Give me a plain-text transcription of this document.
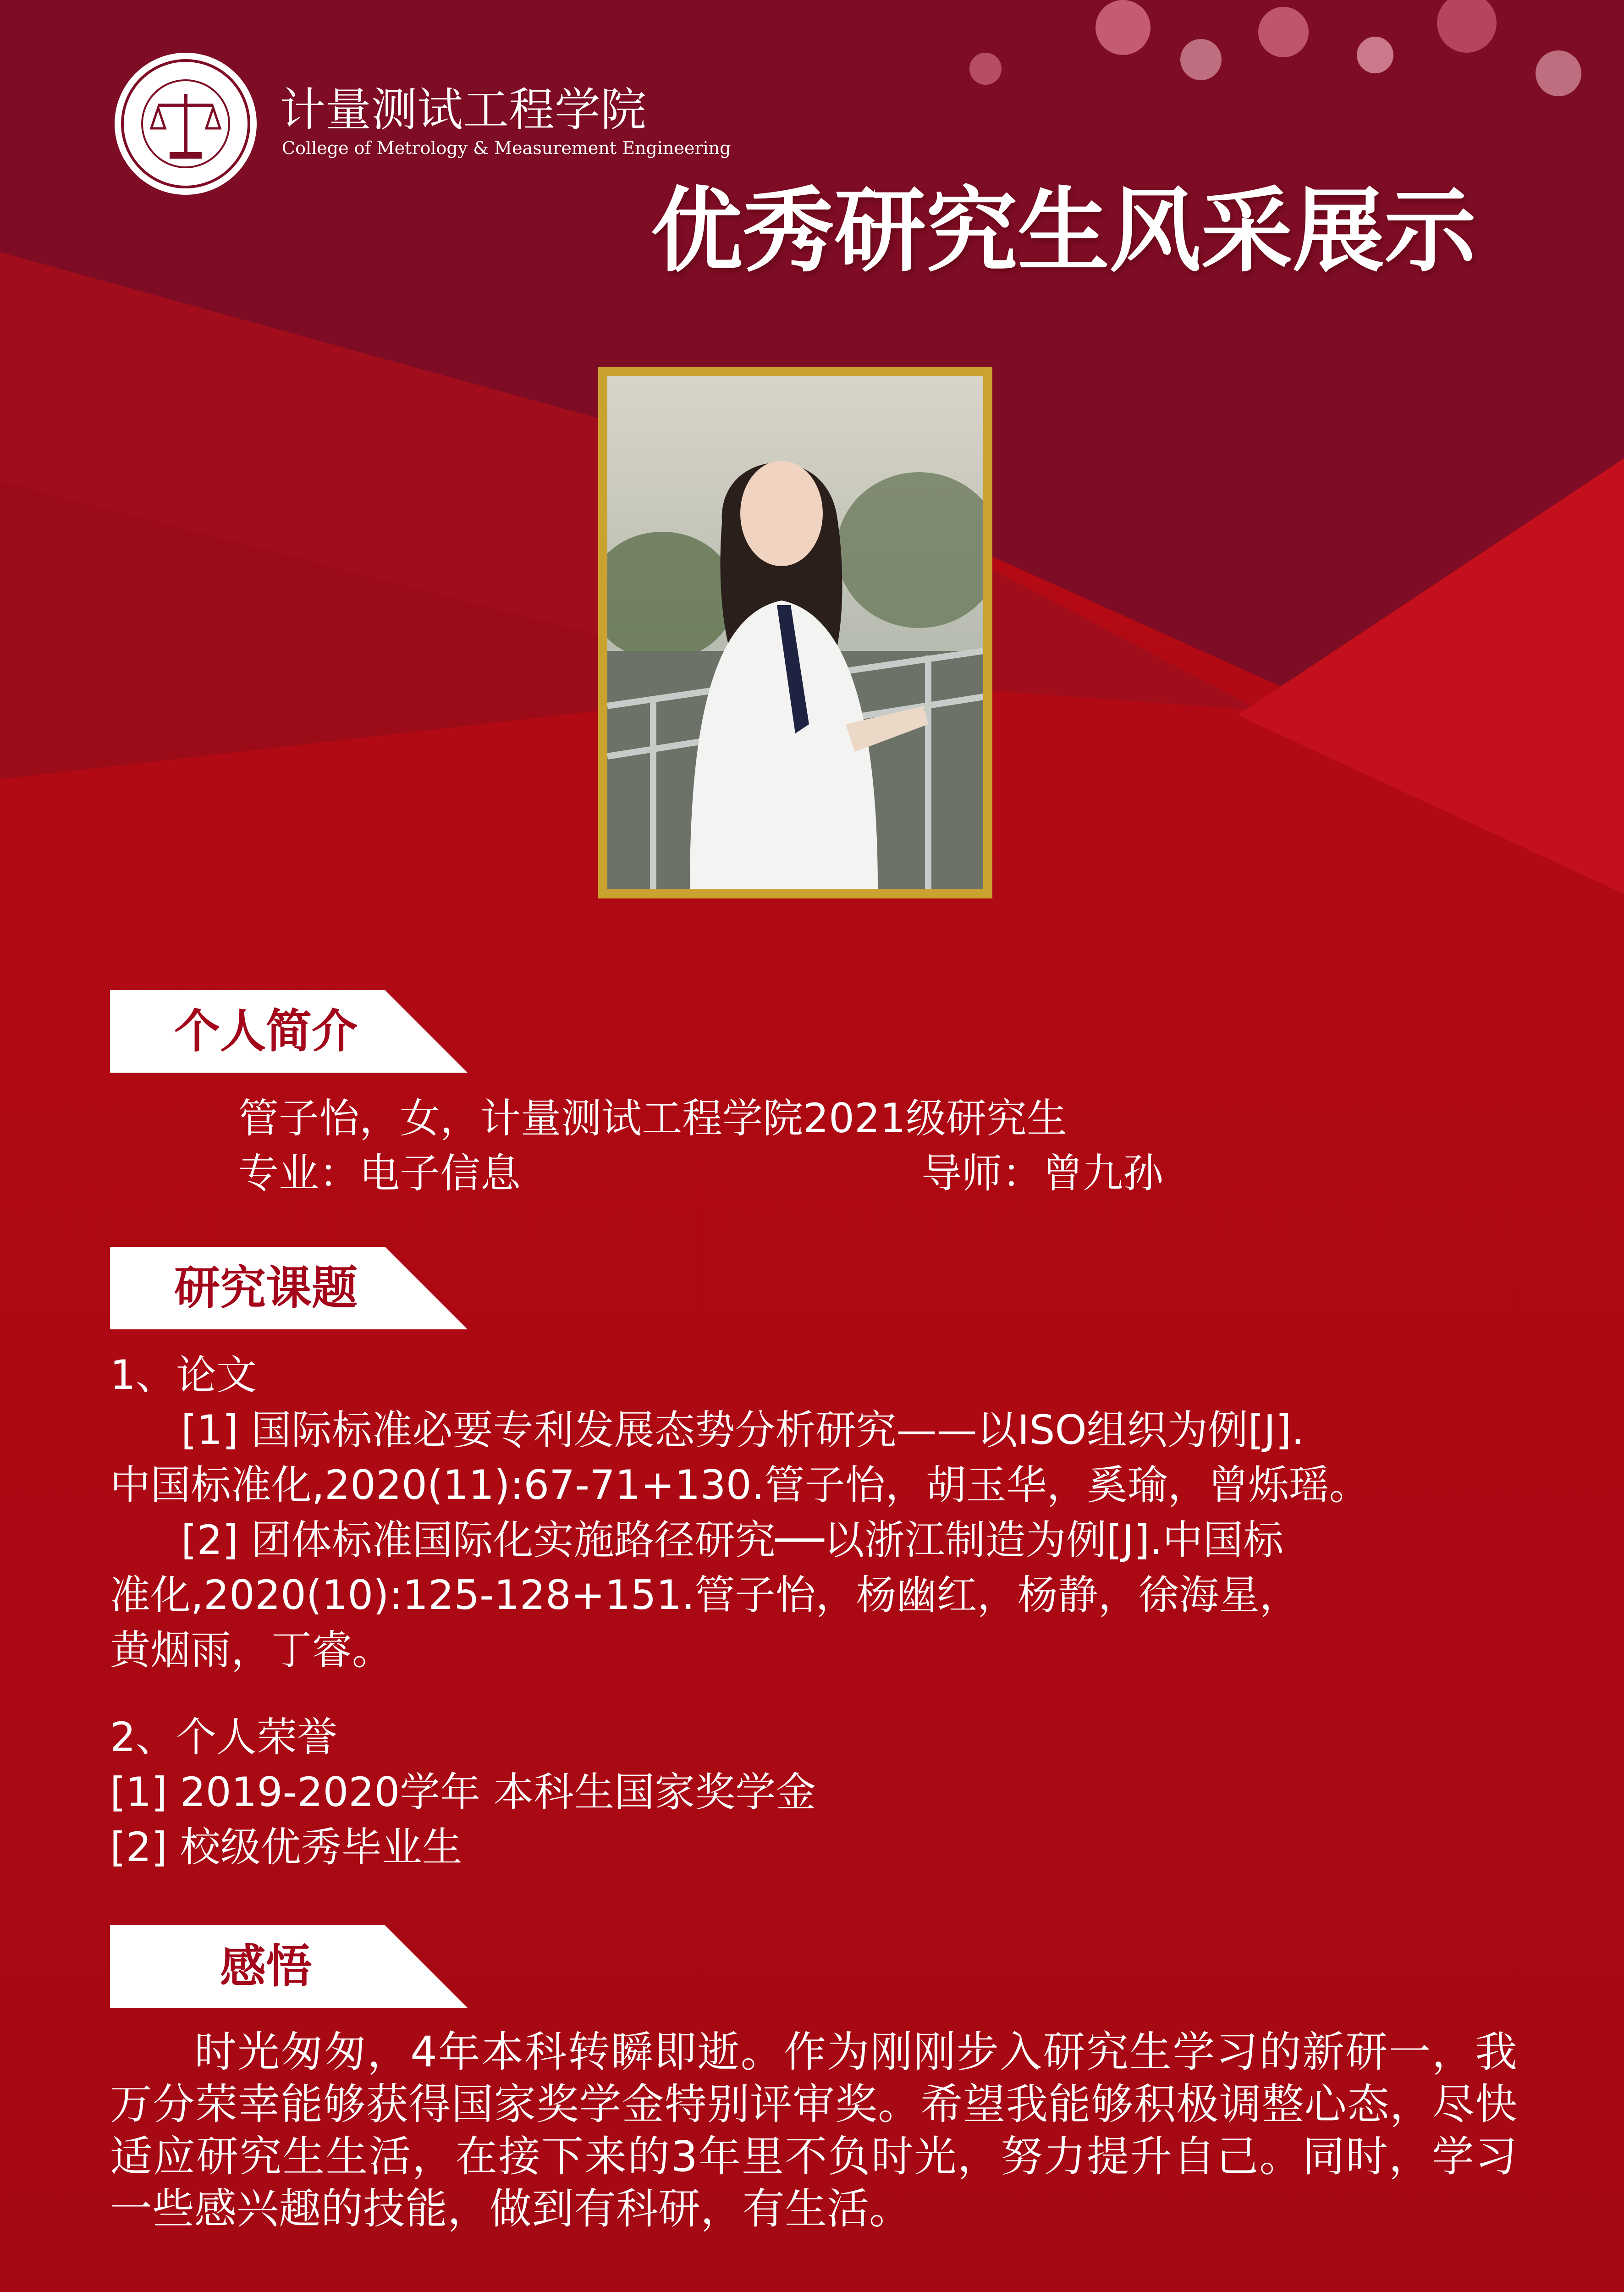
计量测试工程学院

College of Metrology & Measurement Engineering

优秀研究生风采展示
个人简介

管子怡，女，计量测试工程学院2021级研究生

专业：电子信息	导师：曾九孙

研究课题

1、论文

[1] 国际标准必要专利发展态势分析研究——以ISO组织为例[J].

中国标准化,2020(11):67-71+130.管子怡，胡玉华，奚瑜，曾烁瑶。

[2] 团体标准国际化实施路径研究──以浙江制造为例[J].中国标

准化,2020(10):125-128+151.管子怡，杨幽红，杨静，徐海星，

黄烟雨，丁睿。

2、个人荣誉

[1] 2019-2020学年 本科生国家奖学金

[2] 校级优秀毕业生

感悟

时光匆匆，4年本科转瞬即逝。作为刚刚步入研究生学习的新研一，我万分荣幸能够获得国家奖学金特别评审奖。希望我能够积极调整心态，尽快适应研究生生活，在接下来的3年里不负时光，努力提升自己。同时，学习一些感兴趣的技能，做到有科研，有生活。
